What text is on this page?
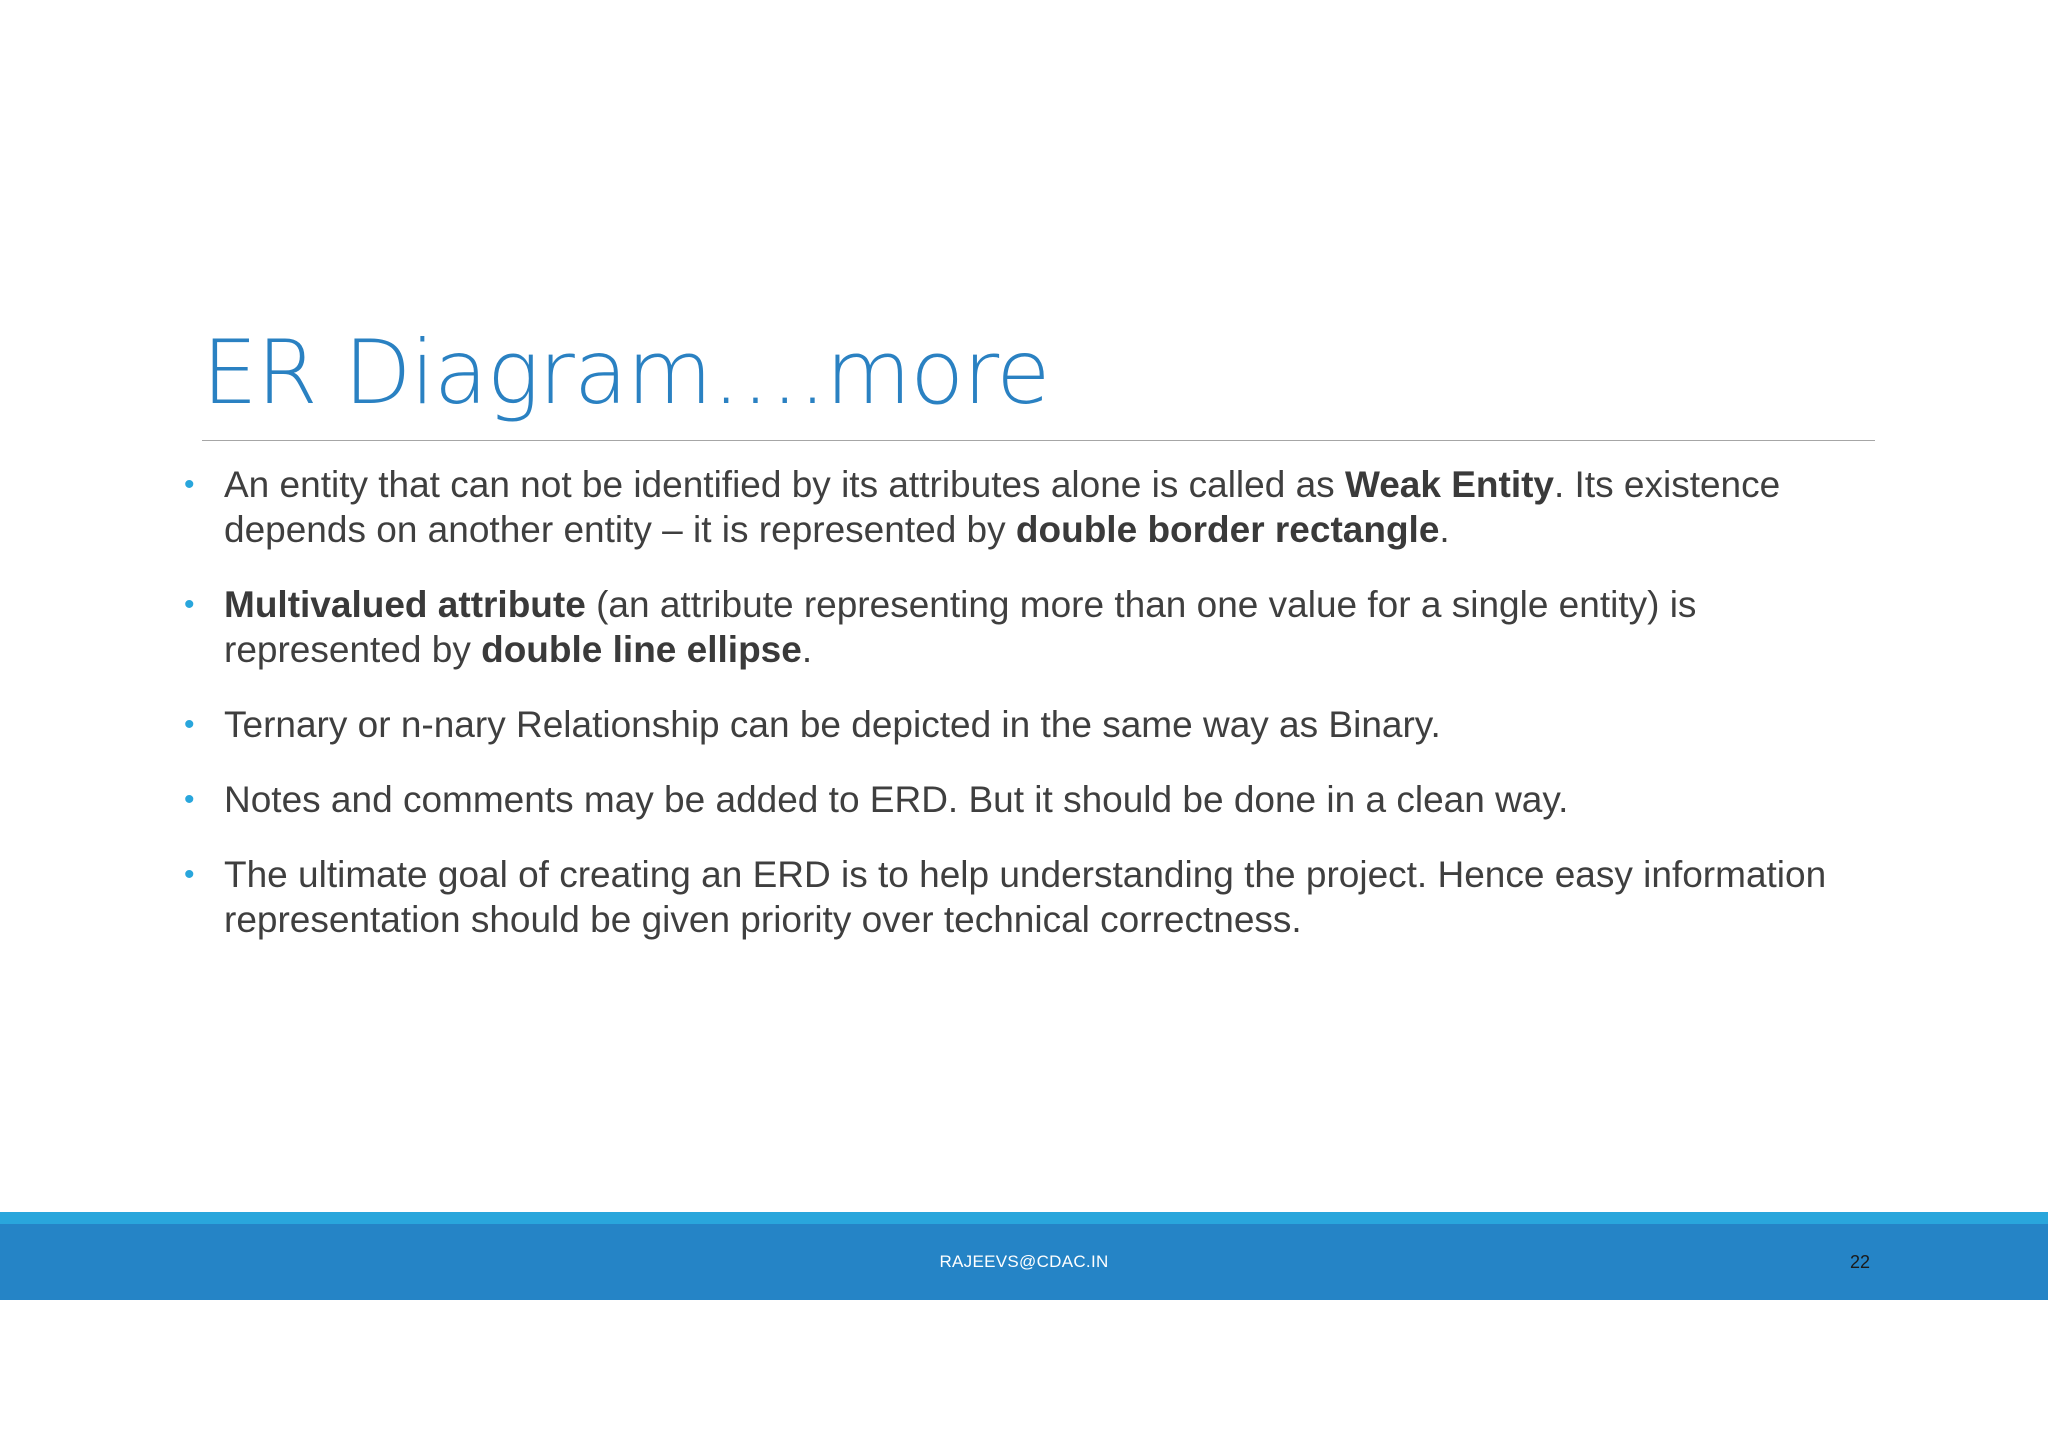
ER Diagram….more
• An entity that can not be identified by its attributes alone is called as Weak Entity. Its existence depends on another entity – it is represented by double border rectangle.
• Multivalued attribute (an attribute representing more than one value for a single entity) is represented by double line ellipse.
• Ternary or n-nary Relationship can be depicted in the same way as Binary.
• Notes and comments may be added to ERD. But it should be done in a clean way.
• The ultimate goal of creating an ERD is to help understanding the project. Hence easy information representation should be given priority over technical correctness.
RAJEEVS@CDAC.IN	22
